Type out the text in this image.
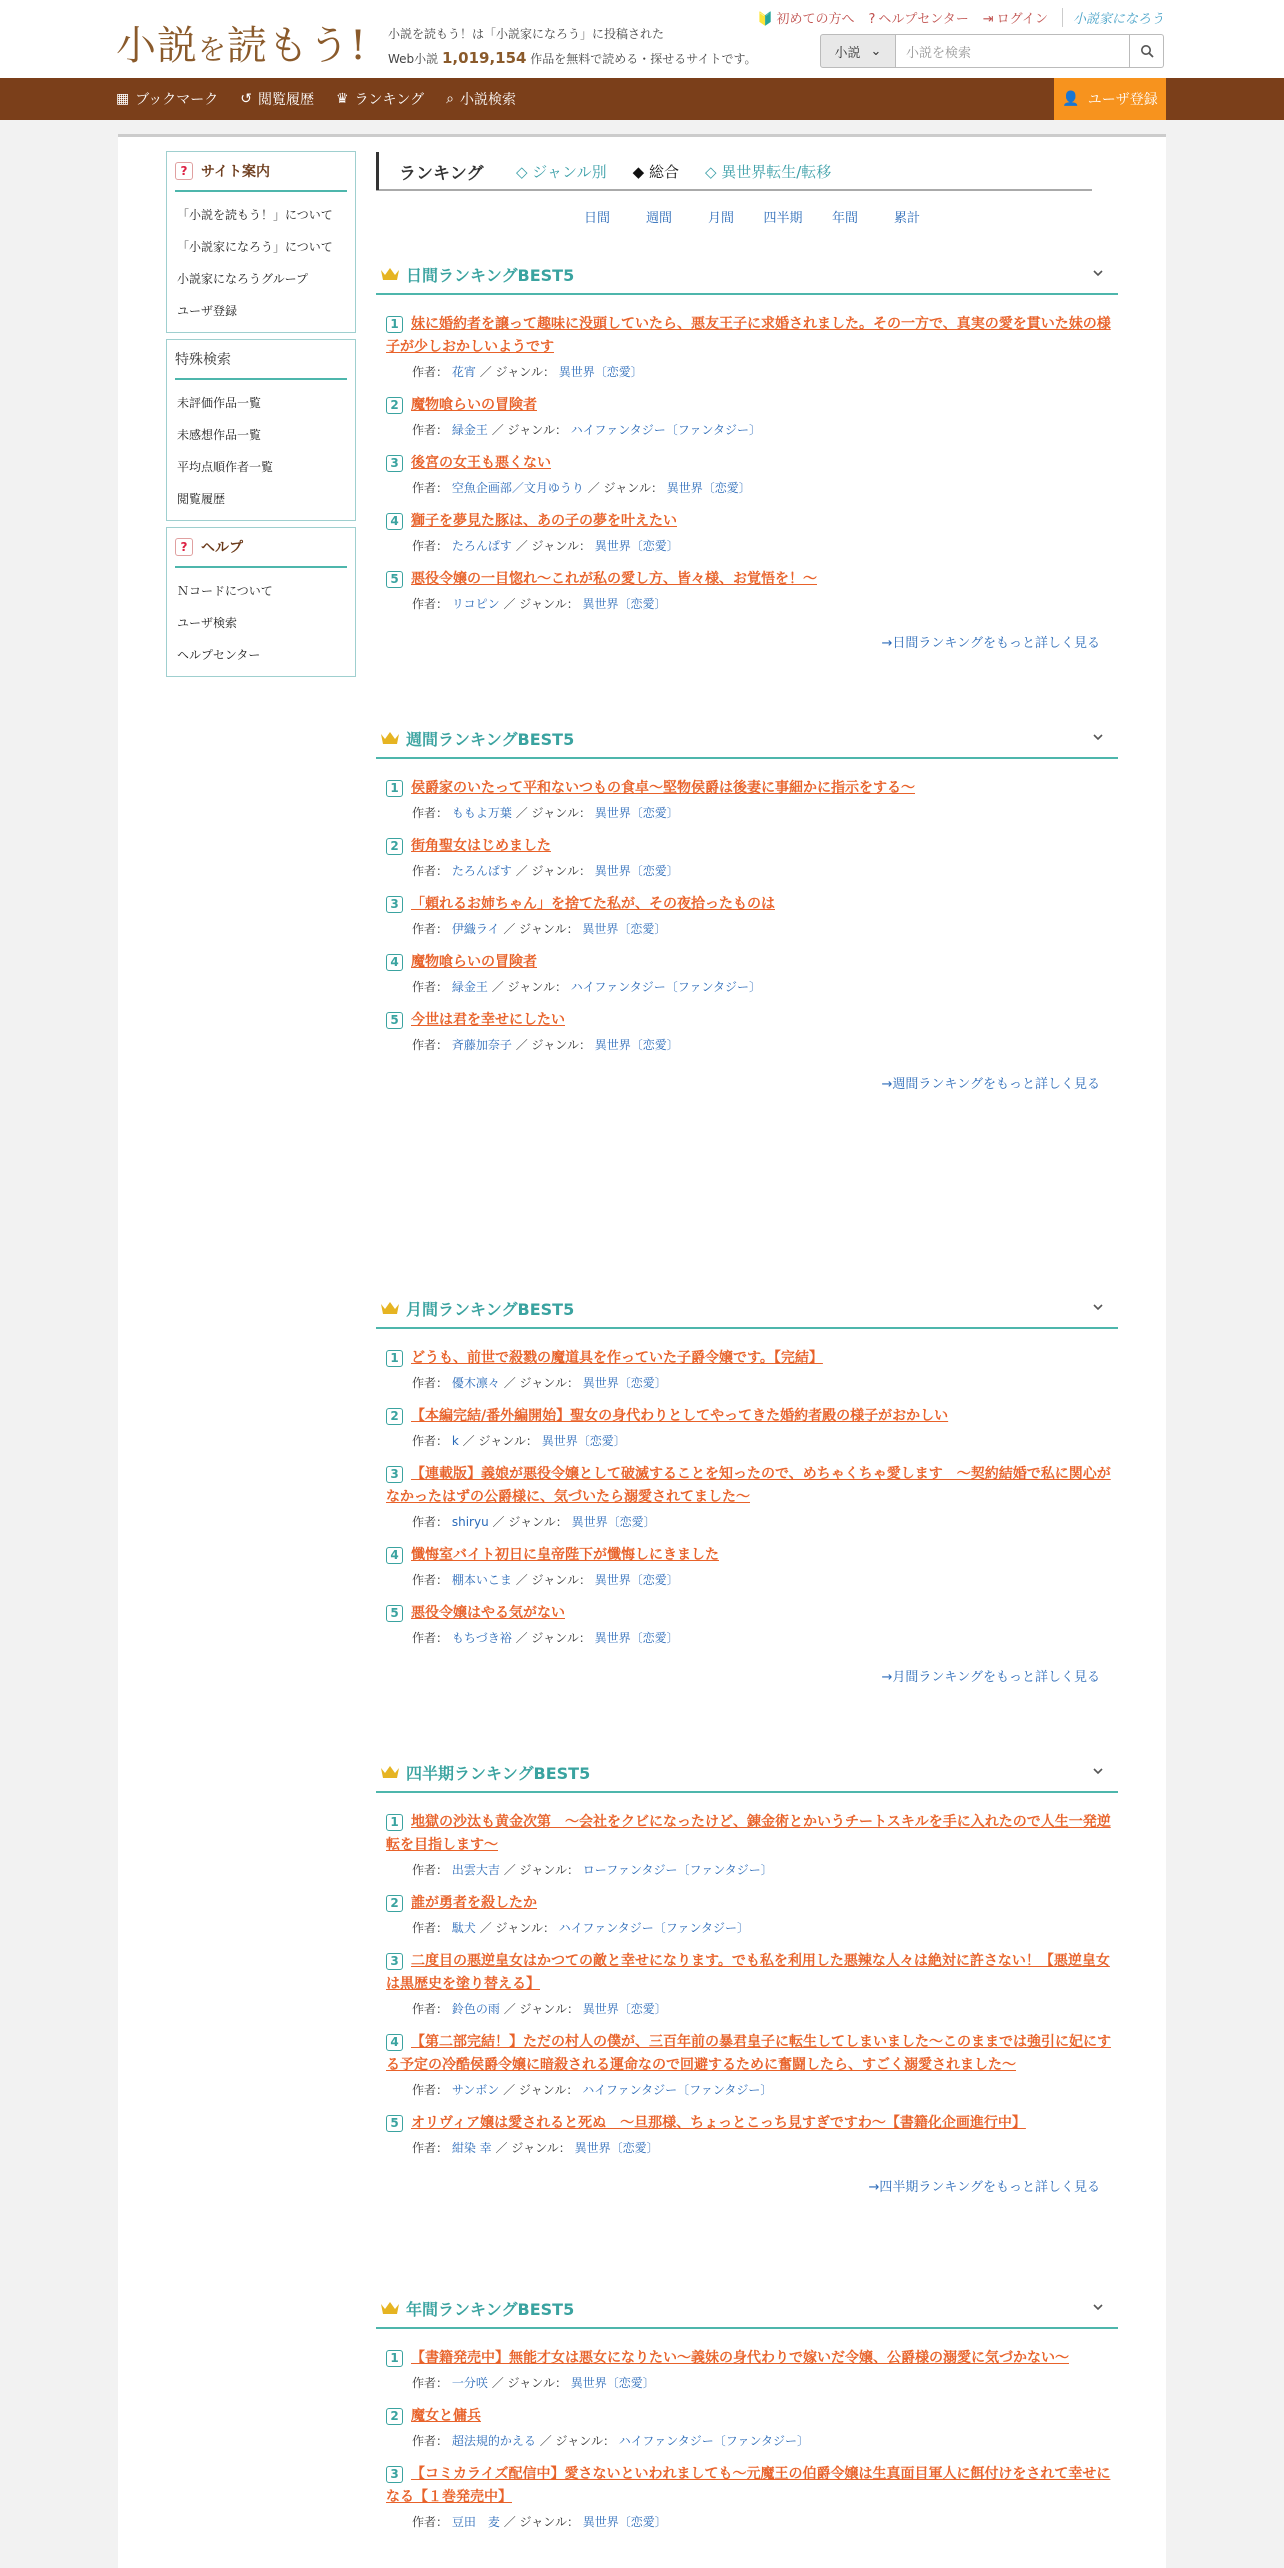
小説を読もう! 小説を読もう！は「小説家になろう」に投稿された
Web小説 1,019,154 作品を無料で読める・探せるサイトです。
🔰 初めての方へ ? ヘルプセンター ⇥ ログイン	小説家になろう
小説 ⌄	小説を検索
▦ ブックマーク ↺ 閲覧履歴 ♛ ランキング ⌕ 小説検索	👤 ユーザ登録
? サイト案内
「小説を読もう！」について
「小説家になろう」について
小説家になろうグループ
ユーザ登録
特殊検索
未評価作品一覧
未感想作品一覧
平均点順作者一覧
閲覧履歴
? ヘルプ
Ｎコードについて
ユーザ検索
ヘルプセンター
ランキング	◇ ジャンル別 ◆ 総合 ◇ 異世界転生/転移
日間	週間	月間	四半期	年間	累計
日間ランキングBEST5
1 妹に婚約者を譲って趣味に没頭していたら、悪友王子に求婚されました。その一方で、真実の愛を貫いた妹の様子が少しおかしいようです
作者： 花宵 ／ ジャンル： 異世界〔恋愛〕
2 魔物喰らいの冒険者
作者： 緑金王 ／ ジャンル： ハイファンタジー〔ファンタジー〕
3 後宮の女王も悪くない
作者： 空魚企画部／文月ゆうり ／ ジャンル： 異世界〔恋愛〕
4 獅子を夢見た豚は、あの子の夢を叶えたい
作者： たろんぱす ／ ジャンル： 異世界〔恋愛〕
5 悪役令嬢の一目惚れ～これが私の愛し方、皆々様、お覚悟を！～
作者： リコピン ／ ジャンル： 異世界〔恋愛〕
→日間ランキングをもっと詳しく見る
週間ランキングBEST5
1 侯爵家のいたって平和ないつもの食卓～堅物侯爵は後妻に事細かに指示をする～
作者： ももよ万葉 ／ ジャンル： 異世界〔恋愛〕
2 街角聖女はじめました
作者： たろんぱす ／ ジャンル： 異世界〔恋愛〕
3 「頼れるお姉ちゃん」を捨てた私が、その夜拾ったものは
作者： 伊織ライ ／ ジャンル： 異世界〔恋愛〕
4 魔物喰らいの冒険者
作者： 緑金王 ／ ジャンル： ハイファンタジー〔ファンタジー〕
5 今世は君を幸せにしたい
作者： 斉藤加奈子 ／ ジャンル： 異世界〔恋愛〕
→週間ランキングをもっと詳しく見る
月間ランキングBEST5
1 どうも、前世で殺戮の魔道具を作っていた子爵令嬢です。【完結】
作者： 優木凛々 ／ ジャンル： 異世界〔恋愛〕
2 【本編完結/番外編開始】聖女の身代わりとしてやってきた婚約者殿の様子がおかしい
作者： k ／ ジャンル： 異世界〔恋愛〕
3 【連載版】義娘が悪役令嬢として破滅することを知ったので、めちゃくちゃ愛します　～契約結婚で私に関心がなかったはずの公爵様に、気づいたら溺愛されてました～
作者： shiryu ／ ジャンル： 異世界〔恋愛〕
4 懺悔室バイト初日に皇帝陛下が懺悔しにきました
作者： 棚本いこま ／ ジャンル： 異世界〔恋愛〕
5 悪役令嬢はやる気がない
作者： もちづき裕 ／ ジャンル： 異世界〔恋愛〕
→月間ランキングをもっと詳しく見る
四半期ランキングBEST5
1 地獄の沙汰も黄金次第　～会社をクビになったけど、錬金術とかいうチートスキルを手に入れたので人生一発逆転を目指します～
作者： 出雲大吉 ／ ジャンル： ローファンタジー〔ファンタジー〕
2 誰が勇者を殺したか
作者： 駄犬 ／ ジャンル： ハイファンタジー〔ファンタジー〕
3 二度目の悪逆皇女はかつての敵と幸せになります。でも私を利用した悪辣な人々は絶対に許さない！【悪逆皇女は黒歴史を塗り替える】
作者： 鈴色の雨 ／ ジャンル： 異世界〔恋愛〕
4 【第二部完結！】ただの村人の僕が、三百年前の暴君皇子に転生してしまいました～このままでは強引に妃にする予定の冷酷侯爵令嬢に暗殺される運命なので回避するために奮闘したら、すごく溺愛されました～
作者： サンボン ／ ジャンル： ハイファンタジー〔ファンタジー〕
5 オリヴィア嬢は愛されると死ぬ　～旦那様、ちょっとこっち見すぎですわ～【書籍化企画進行中】
作者： 紺染 幸 ／ ジャンル： 異世界〔恋愛〕
→四半期ランキングをもっと詳しく見る
年間ランキングBEST5
1 【書籍発売中】無能才女は悪女になりたい～義妹の身代わりで嫁いだ令嬢、公爵様の溺愛に気づかない～
作者： 一分咲 ／ ジャンル： 異世界〔恋愛〕
2 魔女と傭兵
作者： 超法規的かえる ／ ジャンル： ハイファンタジー〔ファンタジー〕
3 【コミカライズ配信中】愛さないといわれましても～元魔王の伯爵令嬢は生真面目軍人に餌付けをされて幸せになる【１巻発売中】
作者： 豆田　麦 ／ ジャンル： 異世界〔恋愛〕
